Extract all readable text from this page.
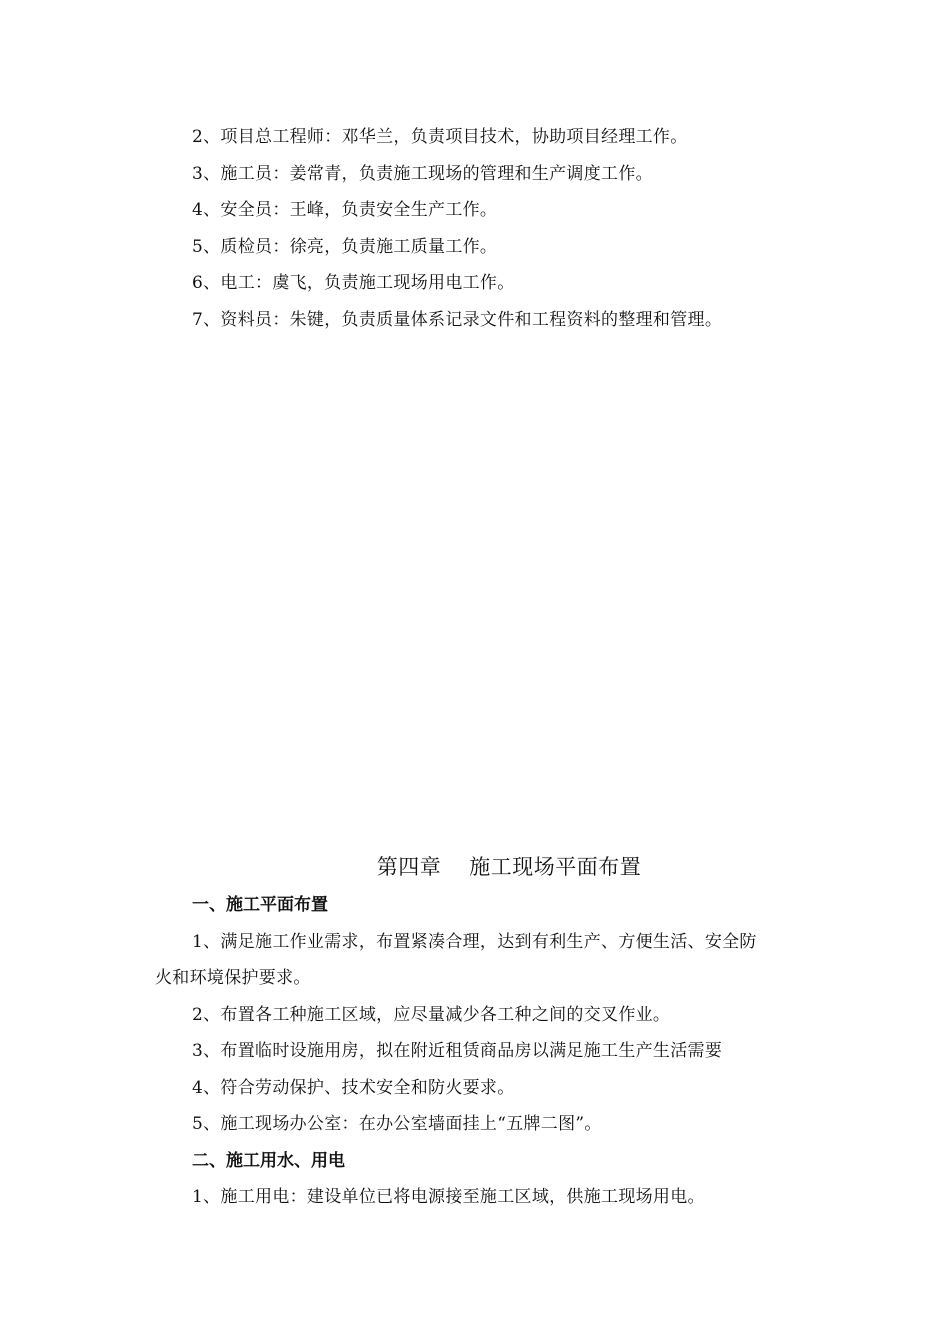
2、项目总工程师：邓华兰，负责项目技术，协助项目经理工作。
3、施工员：姜常青，负责施工现场的管理和生产调度工作。
4、安全员：王峰，负责安全生产工作。
5、质检员：徐亮，负责施工质量工作。
6、电工：虞飞，负责施工现场用电工作。
7、资料员：朱键，负责质量体系记录文件和工程资料的整理和管理。
第四章 施工现场平面布置
一、施工平面布置
1、满足施工作业需求，布置紧凑合理，达到有利生产、方便生活、安全防
火和环境保护要求。
2、布置各工种施工区域，应尽量减少各工种之间的交叉作业。
3、布置临时设施用房，拟在附近租赁商品房以满足施工生产生活需要
4、符合劳动保护、技术安全和防火要求。
5、施工现场办公室：在办公室墙面挂上“五牌二图”。
二、施工用水、用电
1、施工用电：建设单位已将电源接至施工区域，供施工现场用电。
